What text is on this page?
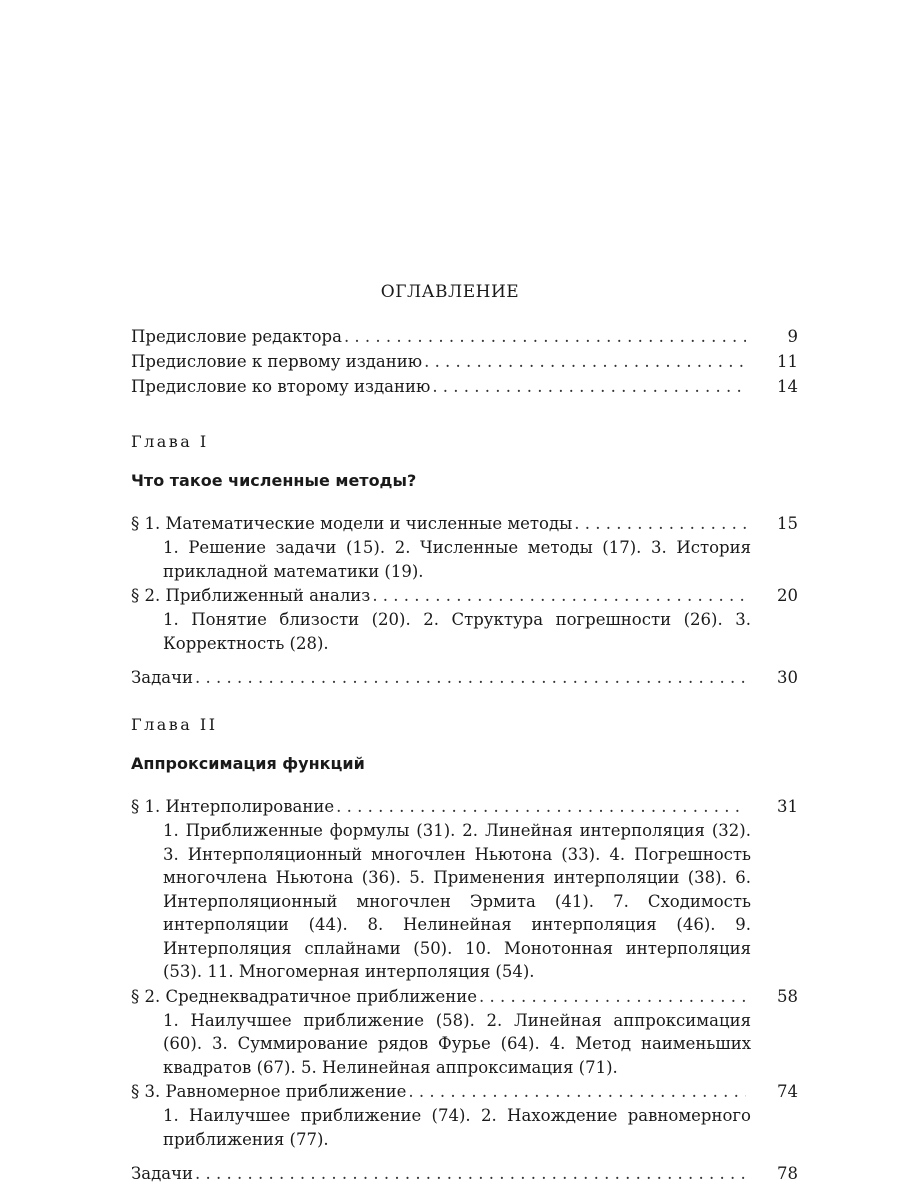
ОГЛАВЛЕНИЕ
Предисловие редактора . . .	9
Предисловие к первому изданию . . .	11
Предисловие ко второму изданию . . .	14
Глава I
Что такое численные методы?
§ 1. Математические модели и численные методы . . .	15
1. Решение задачи (15). 2. Численные методы (17). 3. История прикладной математики (19).
§ 2. Приближенный анализ . . .	20
1. Понятие близости (20). 2. Структура погрешности (26). 3. Корректность (28).
Задачи . . .	30
Глава II
Аппроксимация функций
§ 1. Интерполирование . . .	31
1. Приближенные формулы (31). 2. Линейная интерполяция (32). 3. Интерполяционный многочлен Ньютона (33). 4. Погрешность многочлена Ньютона (36). 5. Применения интерполяции (38). 6. Интерполяционный многочлен Эрмита (41). 7. Сходимость интерполяции (44). 8. Нелинейная интерполяция (46). 9. Интерполяция сплайнами (50). 10. Монотонная интерполяция (53). 11. Многомерная интерполяция (54).
§ 2. Среднеквадратичное приближение . . .	58
1. Наилучшее приближение (58). 2. Линейная аппроксимация (60). 3. Суммирование рядов Фурье (64). 4. Метод наименьших квадратов (67). 5. Нелинейная аппроксимация (71).
§ 3. Равномерное приближение . . .	74
1. Наилучшее приближение (74). 2. Нахождение равномерного приближения (77).
Задачи . . .	78
